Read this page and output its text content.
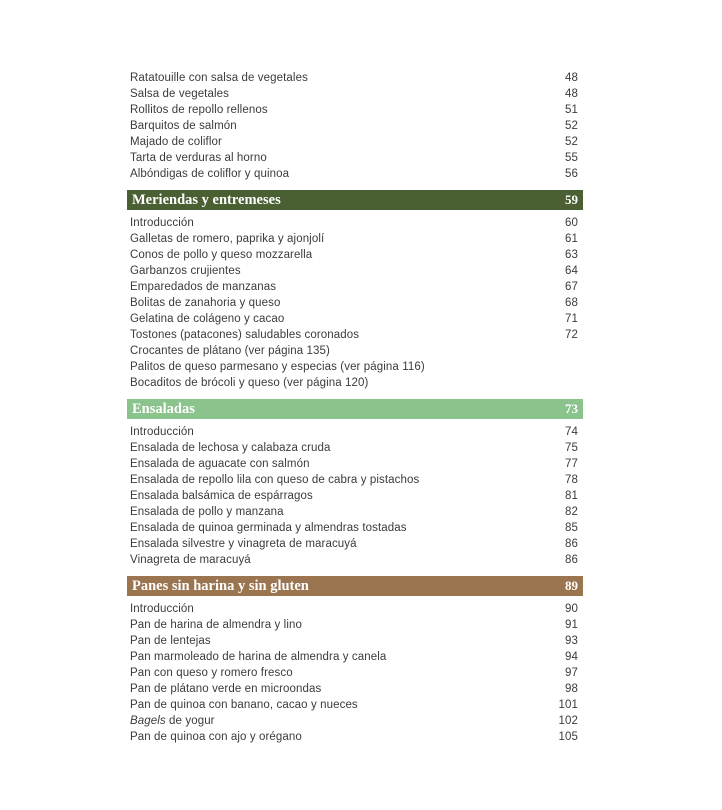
Ratatouille con salsa de vegetales	48
Salsa de vegetales	48
Rollitos de repollo rellenos	51
Barquitos de salmón	52
Majado de coliflor	52
Tarta de verduras al horno	55
Albóndigas de coliflor y quinoa	56
Meriendas y entremeses	59
Introducción	60
Galletas de romero, paprika y ajonjolí	61
Conos de pollo y queso mozzarella	63
Garbanzos crujientes	64
Emparedados de manzanas	67
Bolitas de zanahoria y queso	68
Gelatina de colágeno y cacao	71
Tostones (patacones) saludables coronados	72
Crocantes de plátano (ver página 135)
Palitos de queso parmesano y especias (ver página 116)
Bocaditos de brócoli y queso (ver página 120)
Ensaladas	73
Introducción	74
Ensalada de lechosa y calabaza cruda	75
Ensalada de aguacate con salmón	77
Ensalada de repollo lila con queso de cabra y pistachos	78
Ensalada balsámica de espárragos	81
Ensalada de pollo y manzana	82
Ensalada de quinoa germinada y almendras tostadas	85
Ensalada silvestre y vinagreta de maracuyá	86
Vinagreta de maracuyá	86
Panes sin harina y sin gluten	89
Introducción	90
Pan de harina de almendra y lino	91
Pan de lentejas	93
Pan marmoleado de harina de almendra y canela	94
Pan con queso y romero fresco	97
Pan de plátano verde en microondas	98
Pan de quinoa con banano, cacao y nueces	101
Bagels de yogur	102
Pan de quinoa con ajo y orégano	105
